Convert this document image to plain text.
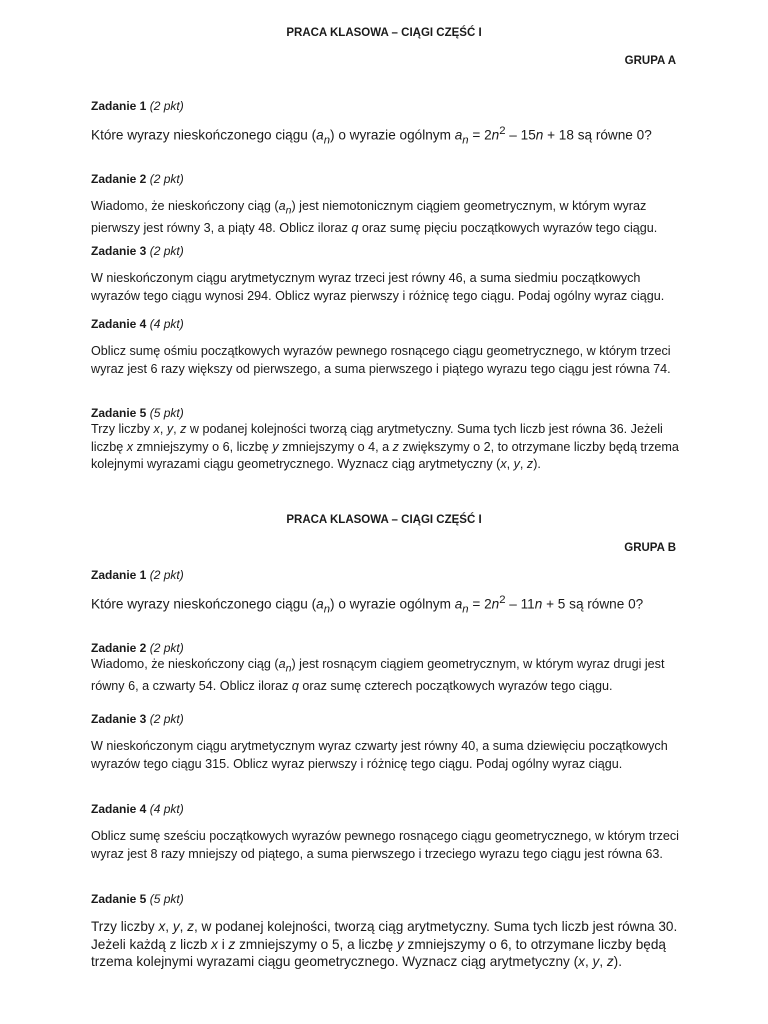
PRACA KLASOWA – CIĄGI CZĘŚĆ I
GRUPA A

Zadanie 1 (2 pkt)

Które wyrazy nieskończonego ciągu $(a_n)$ o wyrazie ogólnym $a_n = 2n^2 - 15n + 18$ są równe 0?

Zadanie 2 (2 pkt)

Wiadomo, że nieskończony ciąg $(a_n)$ jest niemotonicznym ciągiem geometrycznym, w którym wyraz pierwszy jest równy 3, a piąty 48. Oblicz iloraz q oraz sumę pięciu początkowych wyrazów tego ciągu.

Zadanie 3 (2 pkt)

W nieskończonym ciągu arytmetycznym wyraz trzeci jest równy 46, a suma siedmiu początkowych wyrazów tego ciągu wynosi 294. Oblicz wyraz pierwszy i różnicę tego ciągu. Podaj ogólny wyraz ciągu.

Zadanie 4 (4 pkt)

Oblicz sumę ośmiu początkowych wyrazów pewnego rosnącego ciągu geometrycznego, w którym trzeci wyraz jest 6 razy większy od pierwszego, a suma pierwszego i piątego wyrazu tego ciągu jest równa 74.

Zadanie 5 (5 pkt)

Trzy liczby x, y, z w podanej kolejności tworzą ciąg arytmetyczny. Suma tych liczb jest równa 36. Jeżeli liczbę x zmniejszymy o 6, liczbę y zmniejszymy o 4, a z zwiększymy o 2, to otrzymane liczby będą trzema kolejnymi wyrazami ciągu geometrycznego. Wyznacz ciąg arytmetyczny (x, y, z).

PRACA KLASOWA – CIĄGI CZĘŚĆ I
GRUPA B

Zadanie 1 (2 pkt)

Które wyrazy nieskończonego ciągu $(a_n)$ o wyrazie ogólnym $a_n = 2n^2 - 11n + 5$ są równe 0?

Zadanie 2 (2 pkt)

Wiadomo, że nieskończony ciąg $(a_n)$ jest rosnącym ciągiem geometrycznym, w którym wyraz drugi jest równy 6, a czwarty 54. Oblicz iloraz q oraz sumę czterech początkowych wyrazów tego ciągu.

Zadanie 3 (2 pkt)

W nieskończonym ciągu arytmetycznym wyraz czwarty jest równy 40, a suma dziewięciu początkowych wyrazów tego ciągu 315. Oblicz wyraz pierwszy i różnicę tego ciągu. Podaj ogólny wyraz ciągu.

Zadanie 4 (4 pkt)

Oblicz sumę sześciu początkowych wyrazów pewnego rosnącego ciągu geometrycznego, w którym trzeci wyraz jest 8 razy mniejszy od piątego, a suma pierwszego i trzeciego wyrazu tego ciągu jest równa 63.

Zadanie 5 (5 pkt)

Trzy liczby x, y, z, w podanej kolejności, tworzą ciąg arytmetyczny. Suma tych liczb jest równa 30. Jeżeli każdą z liczb x i z zmniejszymy o 5, a liczbę y zmniejszymy o 6, to otrzymane liczby będą trzema kolejnymi wyrazami ciągu geometrycznego. Wyznacz ciąg arytmetyczny (x, y, z).
